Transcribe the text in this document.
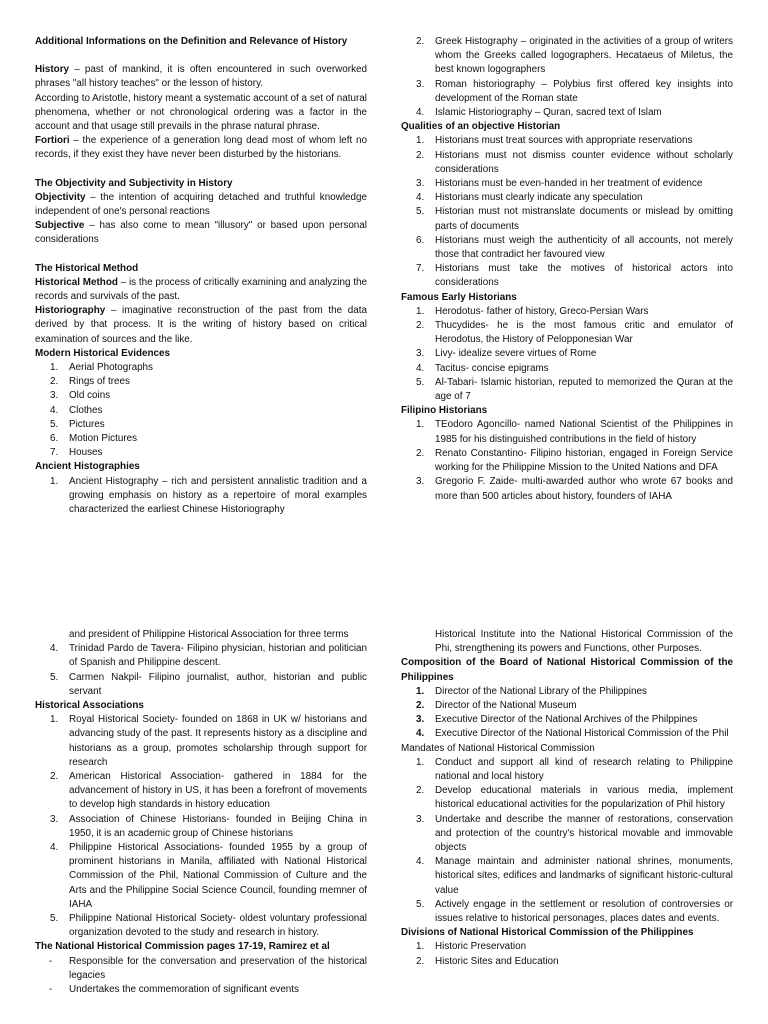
Additional Informations on the Definition and Relevance of History

History – past of mankind, it is often encountered in such overworked phrases "all history teaches" or the lesson of history.

According to Aristotle, history meant a systematic account of a set of natural phenomena, whether or not chronological ordering was a factor in the account and that usage still prevails in the phrase natural phrase.

Fortiori – the experience of a generation long dead most of whom left no records, if they exist they have never been disturbed by the historians.

The Objectivity and Subjectivity in History

Objectivity – the intention of acquiring detached and truthful knowledge independent of one's personal reactions

Subjective – has also come to mean "illusory" or based upon personal considerations

The Historical Method

Historical Method – is the process of critically examining and analyzing the records and survivals of the past.

Historiography – imaginative reconstruction of the past from the data derived by that process. It is the writing of history based on critical examination of sources and the like.

Modern Historical Evidences

1. Aerial Photographs
2. Rings of trees
3. Old coins
4. Clothes
5. Pictures
6. Motion Pictures
7. Houses

Ancient Histographies

1. Ancient Histography – rich and persistent annalistic tradition and a growing emphasis on history as a repertoire of moral examples characterized the earliest Chinese Historiography
2. Greek Histography – originated in the activities of a group of writers whom the Greeks called logographers. Hecataeus of Miletus, the best known logographers
3. Roman historiography – Polybius first offered key insights into development of the Roman state
4. Islamic Historiography – Quran, sacred text of Islam

Qualities of an objective Historian

1. Historians must treat sources with appropriate reservations
2. Historians must not dismiss counter evidence without scholarly considerations
3. Historians must be even-handed in her treatment of evidence
4. Historians must clearly indicate any speculation
5. Historian must not mistranslate documents or mislead by omitting parts of documents
6. Historians must weigh the authenticity of all accounts, not merely those that contradict her favoured view
7. Historians must take the motives of historical actors into considerations

Famous Early Historians

1. Herodotus- father of history, Greco-Persian Wars
2. Thucydides- he is the most famous critic and emulator of Herodotus, the History of Pelopponesian War
3. Livy- idealize severe virtues of Rome
4. Tacitus- concise epigrams
5. Al-Tabari- Islamic historian, reputed to memorized the Quran at the age of 7

Filipino Historians

1. TEodoro Agoncillo- named National Scientist of the Philippines in 1985 for his distinguished contributions in the field of history
2. Renato Constantino- Filipino historian, engaged in Foreign Service working for the Philippine Mission to the United Nations and DFA
3. Gregorio F. Zaide- multi-awarded author who wrote 67 books and more than 500 articles about history, founders of IAHA

and president of Philippine Historical Association for three terms

4. Trinidad Pardo de Tavera- Filipino physician, historian and politician of Spanish and Philippine descent.
5. Carmen Nakpil- Filipino journalist, author, historian and public servant

Historical Associations

1. Royal Historical Society- founded on 1868 in UK w/ historians and advancing study of the past. It represents history as a discipline and historians as a group, promotes scholarship through support for research
2. American Historical Association- gathered in 1884 for the advancement of history in US, it has been a forefront of movements to develop high standards in history education
3. Association of Chinese Historians- founded in Beijing China in 1950, it is an academic group of Chinese historians
4. Philippine Historical Associations- founded 1955 by a group of prominent historians in Manila, affiliated with National Historical Commission of the Phil, National Commission of Culture and the Arts and the Philippine Social Science Council, founding memner of IAHA
5. Philippine National Historical Society- oldest voluntary professional organization devoted to the study and research in history.

The National Historical Commission pages 17-19, Ramirez et al

- Responsible for the conversation and preservation of the historical legacies
- Undertakes the commemoration of significant events

Historical Institute into the National Historical Commission of the Phi, strengthening its powers and Functions, other Purposes.

Composition of the Board of National Historical Commission of the Philippines

1. Director of the National Library of the Philippines
2. Director of the National Museum
3. Executive Director of the National Archives of the Philppines
4. Executive Director of the National Historical Commission of the Phil

Mandates of National Historical Commission

1. Conduct and support all kind of research relating to Philippine national and local history
2. Develop educational materials in various media, implement historical educational activities for the popularization of Phil history
3. Undertake and describe the manner of restorations, conservation and protection of the country's historical movable and immovable objects
4. Manage maintain and administer national shrines, monuments, historical sites, edifices and landmarks of significant historic-cultural value
5. Actively engage in the settlement or resolution of controversies or issues relative to historical personages, places dates and events.

Divisions of National Historical Commission of the Philippines

1. Historic Preservation
2. Historic Sites and Education
